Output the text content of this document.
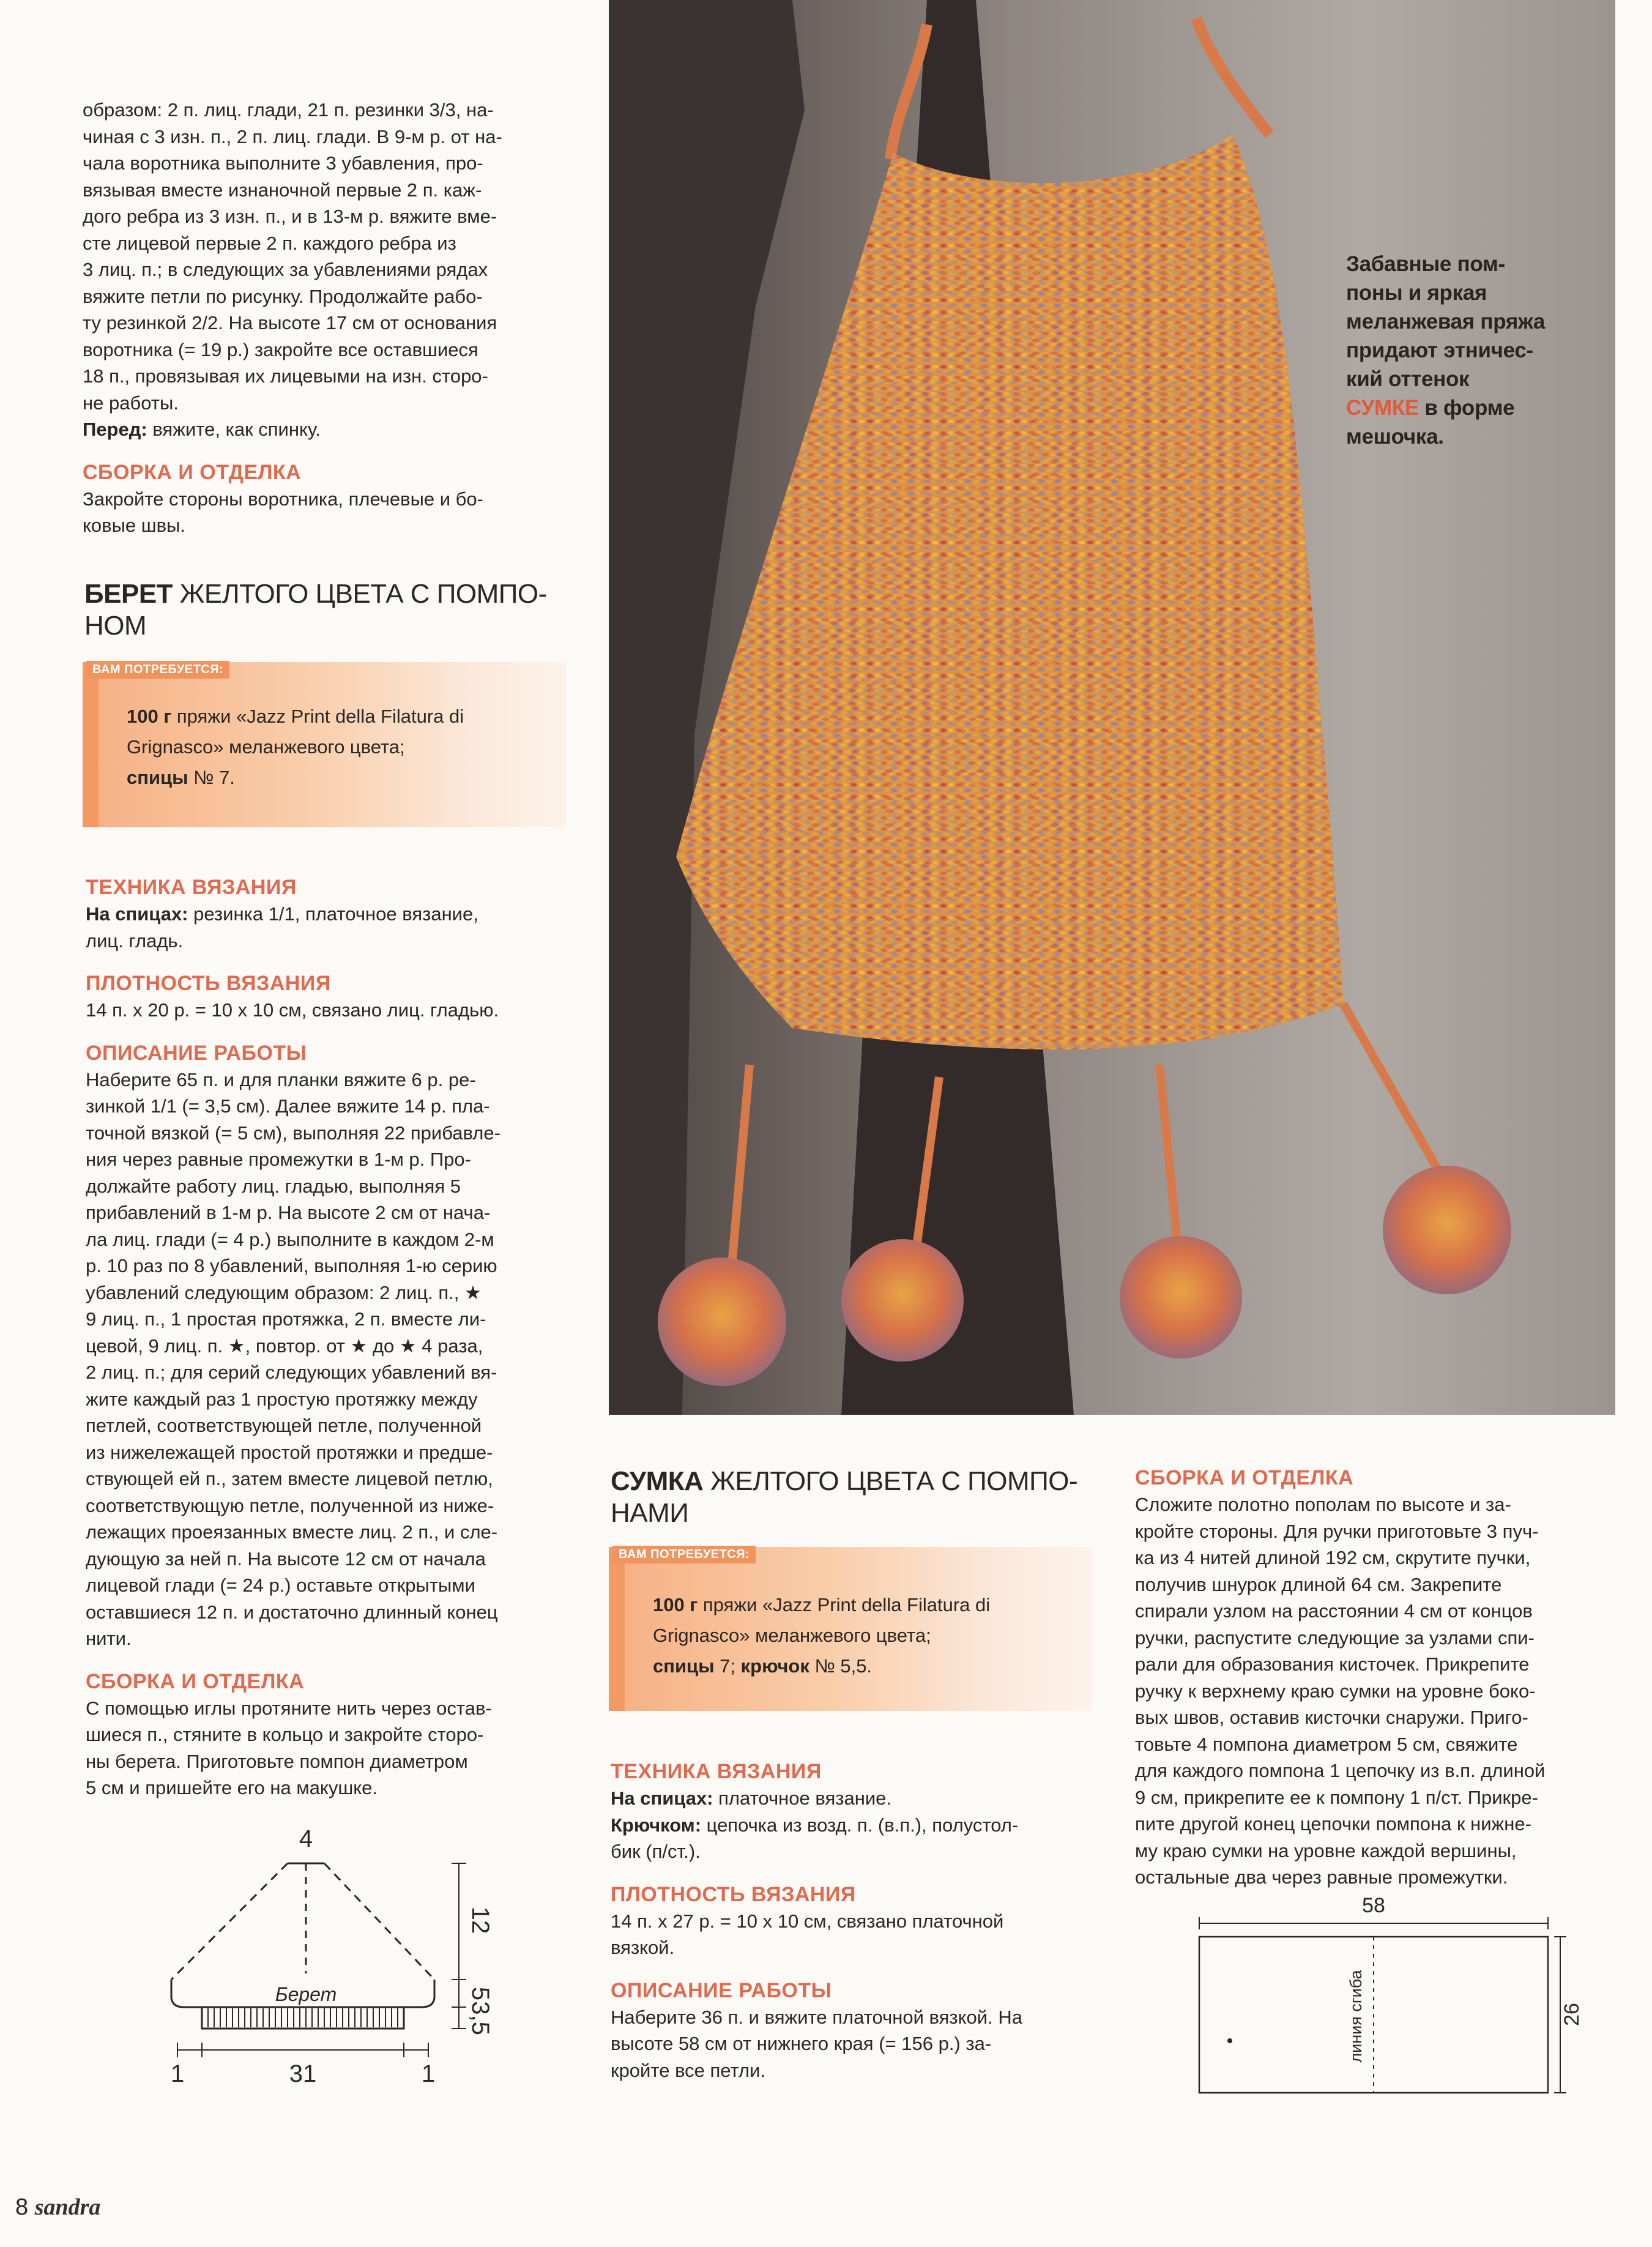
образом: 2 п. лиц. глади, 21 п. резинки 3/3, на-

чиная с 3 изн. п., 2 п. лиц. глади. В 9-м р. от на-

чала воротника выполните 3 убавления, про-

вязывая вместе изнаночной первые 2 п. каж-

дого ребра из 3 изн. п., и в 13-м р. вяжите вме-

сте лицевой первые 2 п. каждого ребра из

3 лиц. п.; в следующих за убавлениями рядах

вяжите петли по рисунку. Продолжайте рабо-

ту резинкой 2/2. На высоте 17 см от основания

воротника (= 19 р.) закройте все оставшиеся

18 п., провязывая их лицевыми на изн. сторо-

не работы.

Перед: вяжите, как спинку.

СБОРКА И ОТДЕЛКА

Закройте стороны воротника, плечевые и бо-

ковые швы.

БЕРЕТ ЖЕЛТОГО ЦВЕТА С ПОМПО-

НОМ

ВАМ ПОТРЕБУЕТСЯ:
100 г пряжи «Jazz Print della Filatura di
Grignasco» меланжевого цвета;
спицы № 7.

ТЕХНИКА ВЯЗАНИЯ

На спицах: резинка 1/1, платочное вязание,

лиц. гладь.

ПЛОТНОСТЬ ВЯЗАНИЯ

14 п. х 20 р. = 10 х 10 см, связано лиц. гладью.

ОПИСАНИЕ РАБОТЫ

Наберите 65 п. и для планки вяжите 6 р. ре-

зинкой 1/1 (= 3,5 см). Далее вяжите 14 р. пла-

точной вязкой (= 5 см), выполняя 22 прибавле-

ния через равные промежутки в 1-м р. Про-

должайте работу лиц. гладью, выполняя 5

прибавлений в 1-м р. На высоте 2 см от нача-

ла лиц. глади (= 4 р.) выполните в каждом 2-м

р. 10 раз по 8 убавлений, выполняя 1-ю серию

убавлений следующим образом: 2 лиц. п., ★

9 лиц. п., 1 простая протяжка, 2 п. вместе ли-

цевой, 9 лиц. п. ★, повтор. от ★ до ★ 4 раза,

2 лиц. п.; для серий следующих убавлений вя-

жите каждый раз 1 простую протяжку между

петлей, соответствующей петле, полученной

из нижележащей простой протяжки и предше-

ствующей ей п., затем вместе лицевой петлю,

соответствующую петле, полученной из ниже-

лежащих проеязанных вместе лиц. 2 п., и сле-

дующую за ней п. На высоте 12 см от начала

лицевой глади (= 24 р.) оставьте открытыми

оставшиеся 12 п. и достаточно длинный конец

нити.

СБОРКА И ОТДЕЛКА

С помощью иглы протяните нить через остав-

шиеся п., стяните в кольцо и закройте сторо-

ны берета. Приготовьте помпон диаметром

5 см и пришейте его на макушке.

4
Берет
12
5
3,5
1	31	1
Забавные пом-
поны и яркая
меланжевая пряжа
придают этничес-
кий оттенок
СУМКЕ в форме
мешочка.

СУМКА ЖЕЛТОГО ЦВЕТА С ПОМПО-

НАМИ

ВАМ ПОТРЕБУЕТСЯ:
100 г пряжи «Jazz Print della Filatura di
Grignasco» меланжевого цвета;
спицы 7; крючок № 5,5.

ТЕХНИКА ВЯЗАНИЯ

На спицах: платочное вязание.

Крючком: цепочка из возд. п. (в.п.), полустол-

бик (п/ст.).

ПЛОТНОСТЬ ВЯЗАНИЯ

14 п. х 27 р. = 10 х 10 см, связано платочной

вязкой.

ОПИСАНИЕ РАБОТЫ

Наберите 36 п. и вяжите платочной вязкой. На

высоте 58 см от нижнего края (= 156 р.) за-

кройте все петли.

СБОРКА И ОТДЕЛКА

Сложите полотно пополам по высоте и за-

кройте стороны. Для ручки приготовьте 3 пуч-

ка из 4 нитей длиной 192 см, скрутите пучки,

получив шнурок длиной 64 см. Закрепите

спирали узлом на расстоянии 4 см от концов

ручки, распустите следующие за узлами спи-

рали для образования кисточек. Прикрепите

ручку к верхнему краю сумки на уровне боко-

вых швов, оставив кисточки снаружи. Приго-

товьте 4 помпона диаметром 5 см, свяжите

для каждого помпона 1 цепочку из в.п. длиной

9 см, прикрепите ее к помпону 1 п/ст. Прикре-

пите другой конец цепочки помпона к нижне-

му краю сумки на уровне каждой вершины,

остальные два через равные промежутки.

58
линия сгиба	26
8 sandra
